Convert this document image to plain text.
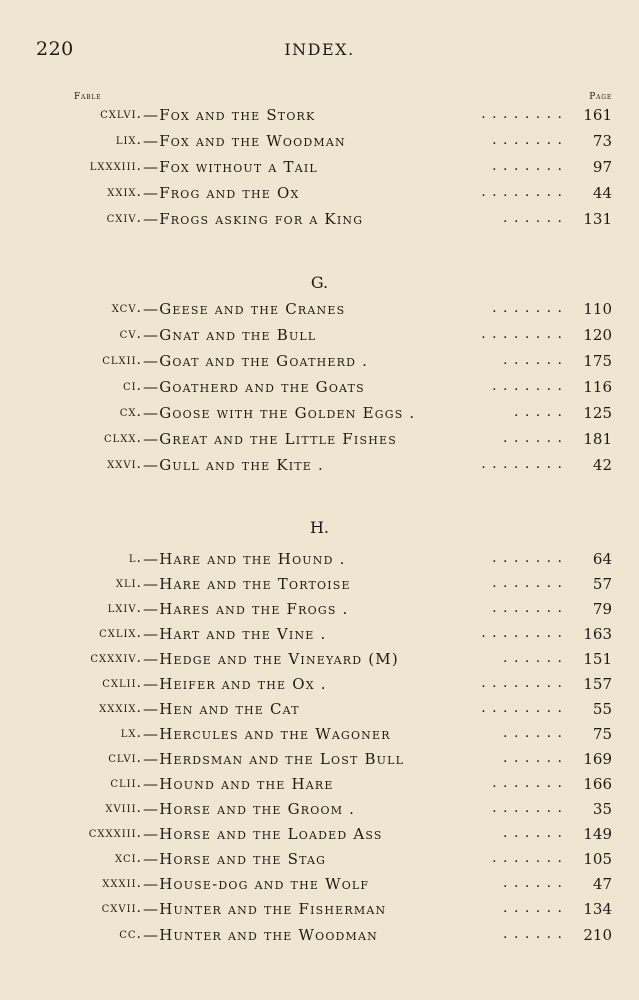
220	INDEX.
Fable	Page
cxlvi. —Fox and the Stork	. . . . . . . . 161
lix. —Fox and the Woodman	. . . . . . . 73
lxxxiii. —Fox without a Tail	. . . . . . . 97
xxix. —Frog and the Ox	. . . . . . . . 44
cxiv. —Frogs asking for a King	. . . . . . 131
G.
xcv. —Geese and the Cranes	. . . . . . . 110
cv. —Gnat and the Bull	. . . . . . . . 120
clxii. —Goat and the Goatherd .	. . . . . . 175
ci. —Goatherd and the Goats	. . . . . . . 116
cx. —Goose with the Golden Eggs .	. . . . . 125
clxx. —Great and the Little Fishes	. . . . . . 181
xxvi. —Gull and the Kite .	. . . . . . . . 42
H.
l. —Hare and the Hound .	. . . . . . . 64
xli. —Hare and the Tortoise	. . . . . . . 57
lxiv. —Hares and the Frogs .	. . . . . . . 79
cxlix. —Hart and the Vine .	. . . . . . . . 163
cxxxiv. —Hedge and the Vineyard (M)	. . . . . . 151
cxlii. —Heifer and the Ox .	. . . . . . . . 157
xxxix. —Hen and the Cat	. . . . . . . . 55
lx. —Hercules and the Wagoner	. . . . . . 75
clvi. —Herdsman and the Lost Bull	. . . . . . 169
clii. —Hound and the Hare	. . . . . . . 166
xviii. —Horse and the Groom .	. . . . . . . 35
cxxxiii. —Horse and the Loaded Ass	. . . . . . 149
xci. —Horse and the Stag	. . . . . . . 105
xxxii. —House-dog and the Wolf	. . . . . . 47
cxvii. —Hunter and the Fisherman	. . . . . . 134
cc. —Hunter and the Woodman	. . . . . . 210
